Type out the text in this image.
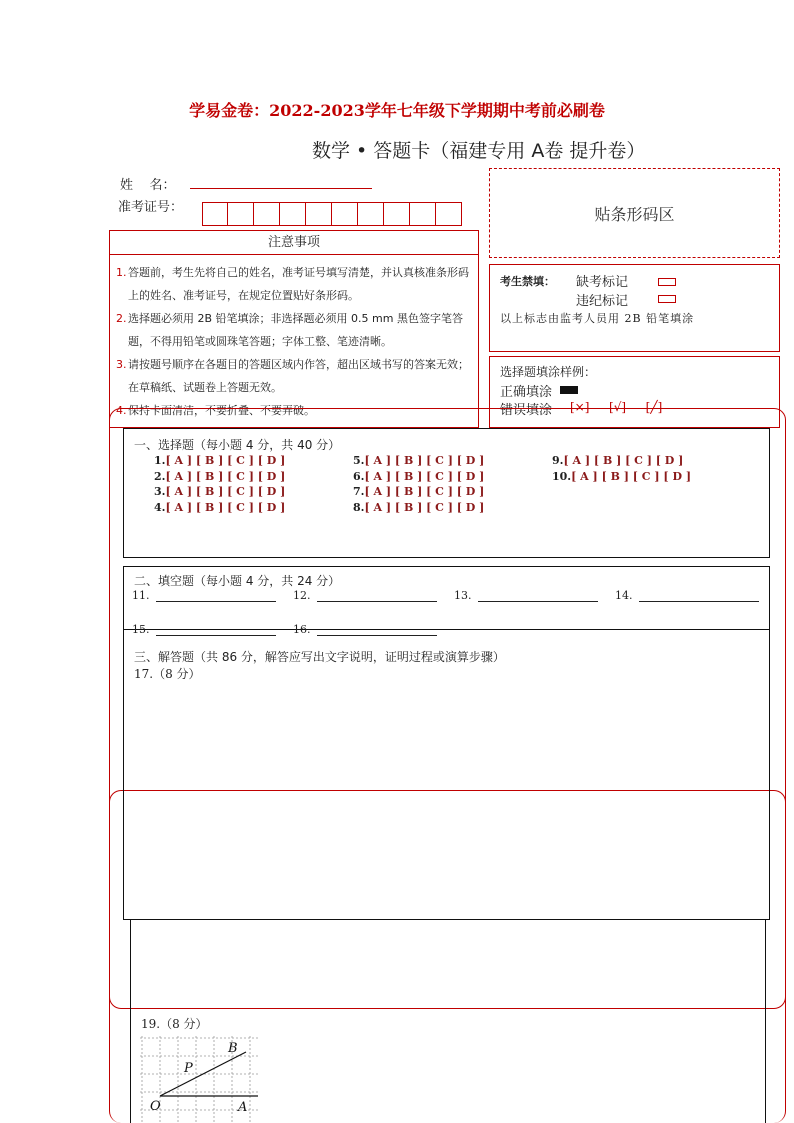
学易金卷：2022-2023学年七年级下学期期中考前必刷卷
数学 • 答题卡（福建专用 A卷 提升卷）
姓    名：
准考证号：	贴条形码区
注意事项
1. 答题前，考生先将自己的姓名，准考证号填写清楚，并认真核准条形码上的姓名、准考证号，在规定位置贴好条形码。
2. 选择题必须用 2B 铅笔填涂；非选择题必须用 0.5 mm 黑色签字笔答题，不得用铅笔或圆珠笔答题；字体工整、笔迹清晰。
3. 请按题号顺序在各题目的答题区域内作答，超出区域书写的答案无效；在草稿纸、试题卷上答题无效。
4. 保持卡面清洁，不要折叠、不要弄破。
考生禁填： 缺考标记
违纪标记
以上标志由监考人员用 2B 铅笔填涂
选择题填涂样例：
正确填涂
错误填涂 [×]  [√]  [╱]
一、选择题（每小题 4 分，共 40 分）
1.[ A ] [ B ] [ C ] [ D ]
2.[ A ] [ B ] [ C ] [ D ]
3.[ A ] [ B ] [ C ] [ D ]
4.[ A ] [ B ] [ C ] [ D ]
5.[ A ] [ B ] [ C ] [ D ]
6.[ A ] [ B ] [ C ] [ D ]
7.[ A ] [ B ] [ C ] [ D ]
8.[ A ] [ B ] [ C ] [ D ]
9.[ A ] [ B ] [ C ] [ D ]
10.[ A ] [ B ] [ C ] [ D ]
二、填空题（每小题 4 分，共 24 分）
11.	12.	13.	14.
15.	16.
三、解答题（共 86 分，解答应写出文字说明，证明过程或演算步骤）
17.（8 分）
19.（8 分）
B
P
O	A
